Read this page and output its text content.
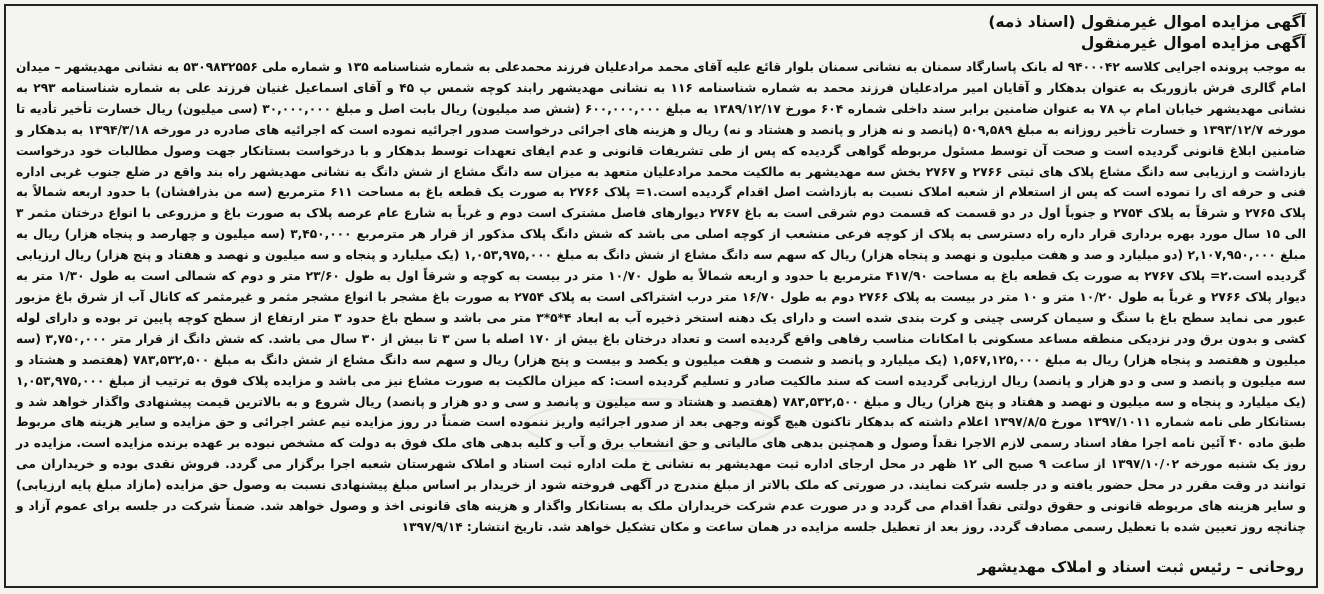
آگهی مزایده اموال غیرمنقول (اسناد ذمه)
آگهی مزایده اموال غیرمنقول

به موجب پرونده اجرایی کلاسه ۹۴۰۰۰۴۲ له بانک پاسارگاد سمنان به نشانی سمنان بلوار قائع علیه آقای محمد مرادعلیان فرزند محمدعلی به شماره شناسنامه ۱۳۵ و شماره ملی ۵۳۰۹۸۳۲۵۵۶ به نشانی مهدیشهر – میدان امام گالری فرش بازوربک به عنوان بدهکار و آقایان امیر مرادعلیان فرزند محمد به شماره شناسنامه ۱۱۶ به نشانی مهدیشهر رابند کوچه شمس پ ۴۵ و آقای اسماعیل غنیان فرزند علی به شماره شناسنامه ۲۹۳ به نشانی مهدیشهر خیابان امام پ ۷۸ به عنوان ضامنین برابر سند داخلی شماره ۶۰۴ مورخ ۱۳۸۹/۱۲/۱۷ به مبلغ ۶۰۰,۰۰۰,۰۰۰ (شش صد میلیون) ریال بابت اصل و مبلغ ۳۰,۰۰۰,۰۰۰ (سی میلیون) ریال خسارت تأخیر تأدیه تا مورخه ۱۳۹۳/۱۲/۷ و خسارت تأخیر روزانه به مبلغ ۵۰۹,۵۸۹ (پانصد و نه هزار و پانصد و هشتاد و نه) ریال و هزینه های اجرائی درخواست صدور اجرائیه نموده است که اجرائیه های صادره در مورخه ۱۳۹۴/۳/۱۸ به بدهکار و ضامنین ابلاغ قانونی گردیده است و صحت آن توسط مسئول مربوطه گواهی گردیده که پس از طی تشریفات قانونی و عدم ایفای تعهدات توسط بدهکار و با درخواست بستانکار جهت وصول مطالبات خود درخواست بازداشت و ارزیابی سه دانگ مشاع پلاک های ثبتی ۲۷۶۶ و ۲۷۶۷ بخش سه مهدیشهر به مالکیت محمد مرادعلیان متعهد به میزان سه دانگ مشاع از شش دانگ به نشانی مهدیشهر راه بند واقع در ضلع جنوب غربی اداره فنی و حرفه ای را نموده است که پس از استعلام از شعبه املاک نسبت به بازداشت اصل اقدام گردیده است.۱= پلاک ۲۷۶۶ به صورت یک قطعه باغ به مساحت ۶۱۱ مترمربع (سه من بذرافشان) با حدود اربعه شمالاً به پلاک ۲۷۶۵ و شرقاً به پلاک ۲۷۵۴ و جنوباً اول در دو قسمت که قسمت دوم شرقی است به باغ ۲۷۶۷ دیوارهای فاصل مشترک است دوم و غرباً به شارع عام عرصه پلاک به صورت باغ و مزروعی با انواع درختان مثمر ۳ الی ۱۵ سال مورد بهره برداری قرار داره راه دسترسی به پلاک از کوچه فرعی منشعب از کوچه اصلی می باشد که شش دانگ پلاک مذکور از قرار هر مترمربع ۳,۴۵۰,۰۰۰ (سه میلیون و چهارصد و پنجاه هزار) ریال به مبلغ ۲,۱۰۷,۹۵۰,۰۰۰ (دو میلیارد و صد و هفت میلیون و نهصد و پنجاه هزار) ریال که سهم سه دانگ مشاع از شش دانگ به مبلغ ۱,۰۵۳,۹۷۵,۰۰۰ (یک میلیارد و پنجاه و سه میلیون و نهصد و هفتاد و پنج هزار) ریال ارزیابی گردیده است.۲= پلاک ۲۷۶۷ به صورت یک قطعه باغ به مساحت ۴۱۷/۹۰ مترمربع با حدود و اربعه شمالاً به طول ۱۰/۷۰ متر در بیست به کوچه و شرقاً اول به طول ۲۳/۶۰ متر و دوم که شمالی است به طول ۱/۳۰ متر به دیوار پلاک ۲۷۶۶ و غرباً به طول ۱۰/۲۰ متر و ۱۰ متر در بیست به پلاک ۲۷۶۶ دوم به طول ۱۶/۷۰ متر درب اشتراکی است به پلاک ۲۷۵۴ به صورت باغ مشجر با انواع مشجر مثمر و غیرمثمر که کانال آب از شرق باغ مزبور عبور می نماید سطح باغ با سنگ و سیمان کرسی چینی و کرت بندی شده است و دارای یک دهنه استخر ذخیره آب به ابعاد ۴*۵*۳ متر می باشد و سطح باغ حدود ۳ متر ارتفاع از سطح کوچه پایین تر بوده و دارای لوله کشی و بدون برق ودر نزدیکی منطقه مساعد مسکونی با امکانات مناسب رفاهی واقع گردیده است و تعداد درختان باغ بیش از ۱۷۰ اصله با سن ۳ تا بیش از ۳۰ سال می باشد. که شش دانگ از قرار متر ۳,۷۵۰,۰۰۰ (سه میلیون و هفتصد و پنجاه هزار) ریال به مبلغ ۱,۵۶۷,۱۲۵,۰۰۰ (یک میلیارد و پانصد و شصت و هفت میلیون و یکصد و بیست و پنج هزار) ریال و سهم سه دانگ مشاع از شش دانگ به مبلغ ۷۸۳,۵۳۲,۵۰۰ (هفتصد و هشتاد و سه میلیون و پانصد و سی و دو هزار و پانصد) ریال ارزیابی گردیده است که سند مالکیت صادر و تسلیم گردیده است: که میزان مالکیت به صورت مشاع نیز می باشد و مزایده پلاک فوق به ترتیب از مبلغ ۱,۰۵۳,۹۷۵,۰۰۰ (یک میلیارد و پنجاه و سه میلیون و نهصد و هفتاد و پنج هزار) ریال و مبلغ ۷۸۳,۵۳۲,۵۰۰ (هفتصد و هشتاد و سه میلیون و پانصد و سی و دو هزار و پانصد) ریال شروع و به بالاترین قیمت پیشنهادی واگذار خواهد شد و بستانکار طی نامه شماره ۱۳۹۷/۱۰۱۱ مورخ ۱۳۹۷/۸/۵ اعلام داشته که بدهکار تاکنون هیچ گونه وجهی بعد از صدور اجرائیه واریز ننموده است ضمناً در روز مزایده نیم عشر اجرائی و حق مزایده و سایر هزینه های مربوط طبق ماده ۴۰ آئین نامه اجرا مفاد اسناد رسمی لازم الاجرا نقداً وصول و همچنین بدهی های مالیاتی و حق انشعاب برق و آب و کلیه بدهی های ملک فوق به دولت که مشخص نبوده بر عهده برنده مزایده است. مزایده در روز یک شنبه مورخه ۱۳۹۷/۱۰/۰۲ از ساعت ۹ صبح الی ۱۲ ظهر در محل ارجای اداره ثبت مهدیشهر به نشانی خ ملت اداره ثبت اسناد و املاک شهرستان شعبه اجرا برگزار می گردد. فروش نقدی بوده و خریداران می توانند در وقت مقرر در محل حضور یافته و در جلسه شرکت نمایند. در صورتی که ملک بالاتر از مبلغ مندرج در آگهی فروخته شود از خریدار بر اساس مبلغ پیشنهادی نسبت به وصول حق مزایده (مازاد مبلغ پایه ارزیابی) و سایر هزینه های مربوطه قانونی و حقوق دولتی نقداً اقدام می گردد و در صورت عدم شرکت خریداران ملک به بستانکار واگذار و هزینه های قانونی اخذ و وصول خواهد شد. ضمناً شرکت در جلسه برای عموم آزاد و چنانچه روز تعیین شده با تعطیل رسمی مصادف گردد. روز بعد از تعطیل جلسه مزایده در همان ساعت و مکان تشکیل خواهد شد. تاریخ انتشار: ۱۳۹۷/۹/۱۴

روحانی – رئیس ثبت اسناد و املاک مهدیشهر
